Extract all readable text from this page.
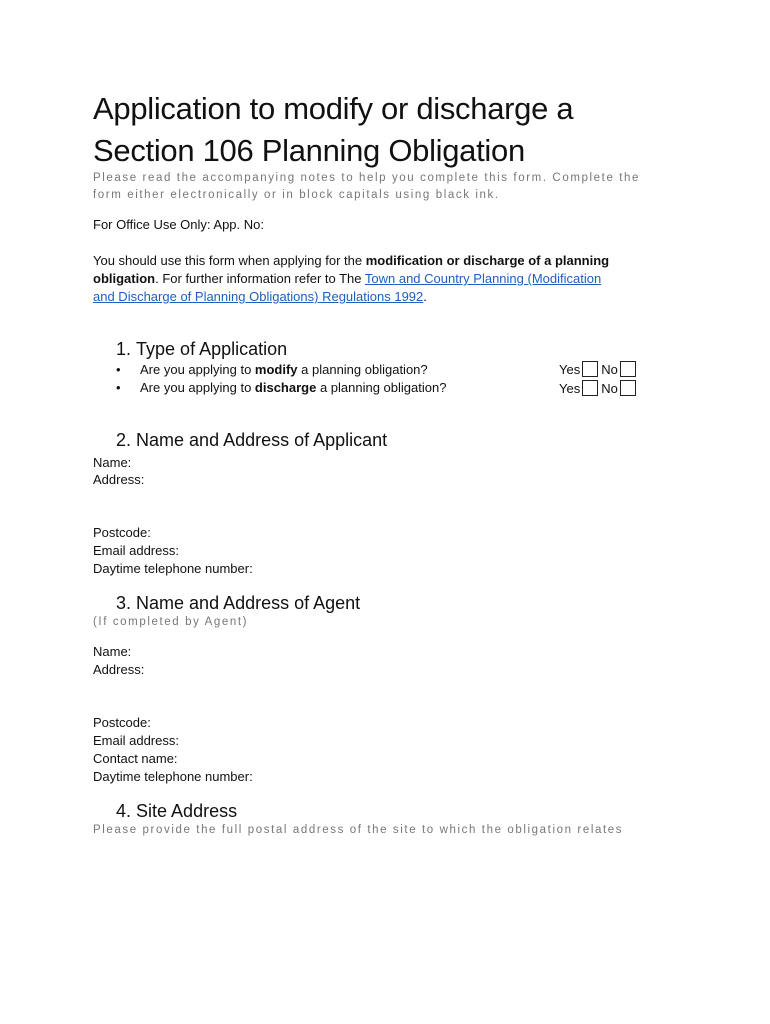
Application to modify or discharge a
Section 106 Planning Obligation
Please read the accompanying notes to help you complete this form. Complete the
form either electronically or in block capitals using black ink.
For Office Use Only: App. No:
You should use this form when applying for the modification or discharge of a planning
obligation. For further information refer to The Town and Country Planning (Modification
and Discharge of Planning Obligations) Regulations 1992.
1. Type of Application
• Are you applying to modify a planning obligation?	Yes No
• Are you applying to discharge a planning obligation?	Yes No
2. Name and Address of Applicant
Name:
Address:
Postcode:
Email address:
Daytime telephone number:
3. Name and Address of Agent
(If completed by Agent)
Name:
Address:
Postcode:
Email address:
Contact name:
Daytime telephone number:
4. Site Address
Please provide the full postal address of the site to which the obligation relates
